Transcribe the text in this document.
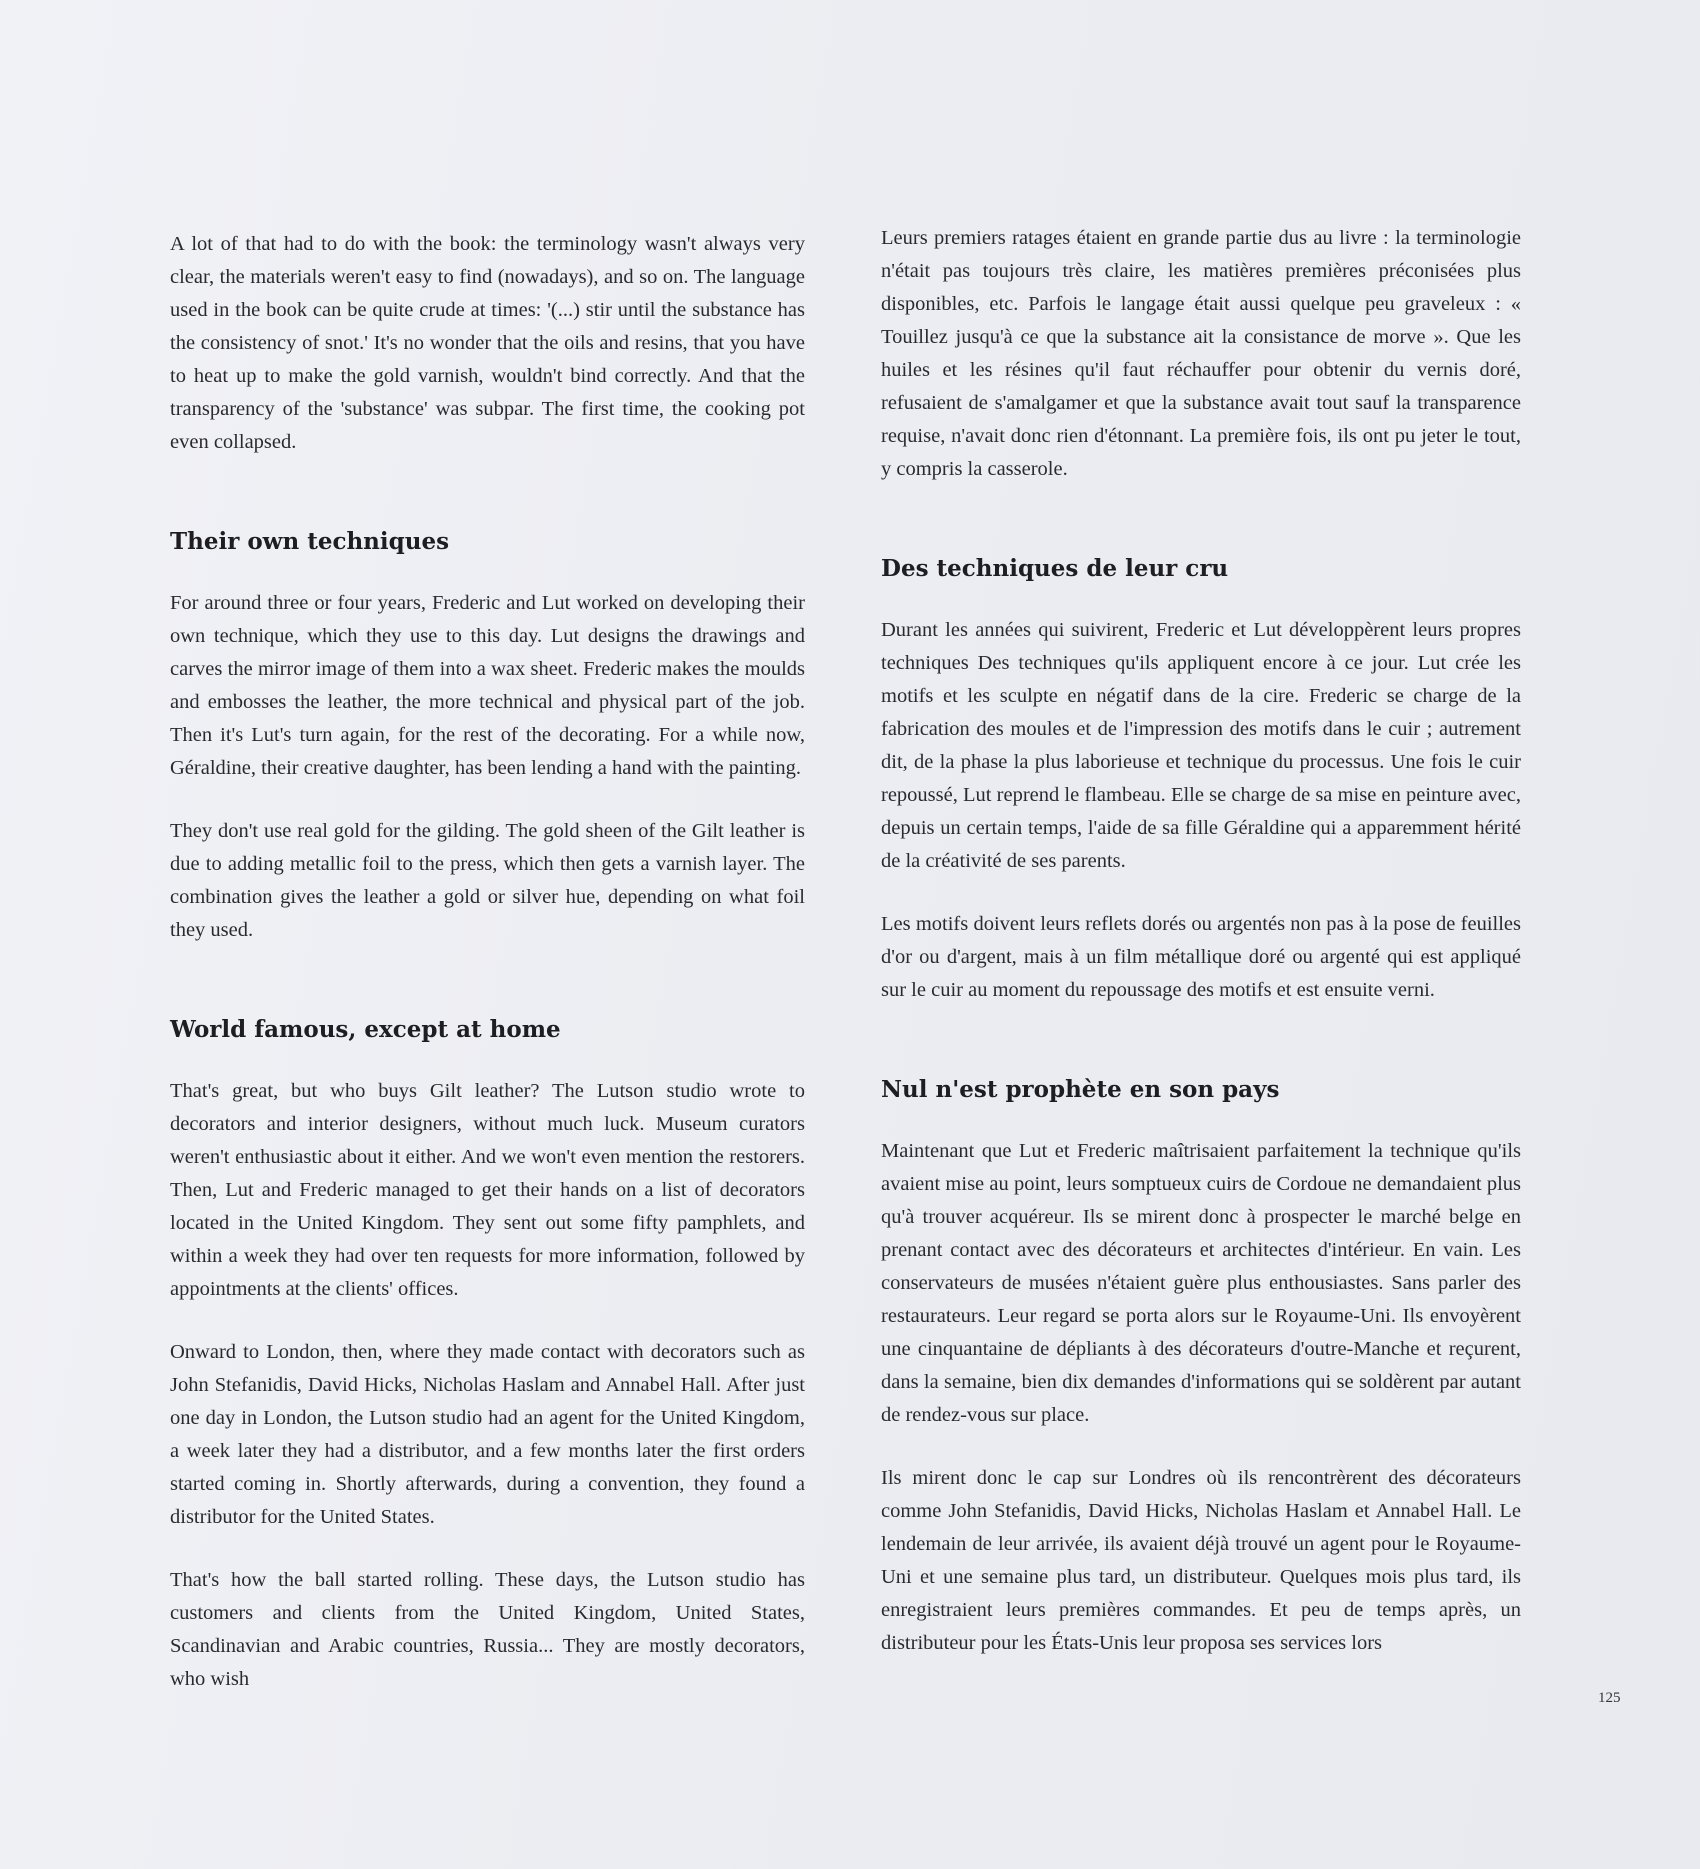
A lot of that had to do with the book: the terminology wasn't always very clear, the materials weren't easy to find (nowadays), and so on. The language used in the book can be quite crude at times: '(...) stir until the substance has the consistency of snot.' It's no wonder that the oils and resins, that you have to heat up to make the gold varnish, wouldn't bind correctly. And that the transparency of the 'substance' was subpar. The first time, the cooking pot even collapsed.

Their own techniques

For around three or four years, Frederic and Lut worked on developing their own technique, which they use to this day. Lut designs the drawings and carves the mirror image of them into a wax sheet. Frederic makes the moulds and embosses the leather, the more technical and physical part of the job. Then it's Lut's turn again, for the rest of the decorating. For a while now, Géraldine, their creative daughter, has been lending a hand with the painting.

They don't use real gold for the gilding. The gold sheen of the Gilt leather is due to adding metallic foil to the press, which then gets a varnish layer. The combination gives the leather a gold or silver hue, depending on what foil they used.

World famous, except at home

That's great, but who buys Gilt leather? The Lutson studio wrote to decorators and interior designers, without much luck. Museum curators weren't enthusiastic about it either. And we won't even mention the restorers. Then, Lut and Frederic managed to get their hands on a list of decorators located in the United Kingdom. They sent out some fifty pamphlets, and within a week they had over ten requests for more information, followed by appointments at the clients' offices.

Onward to London, then, where they made contact with decorators such as John Stefanidis, David Hicks, Nicholas Haslam and Annabel Hall. After just one day in London, the Lutson studio had an agent for the United Kingdom, a week later they had a distributor, and a few months later the first orders started coming in. Shortly afterwards, during a convention, they found a distributor for the United States.

That's how the ball started rolling. These days, the Lutson studio has customers and clients from the United Kingdom, United States, Scandinavian and Arabic countries, Russia... They are mostly decorators, who wish

Leurs premiers ratages étaient en grande partie dus au livre : la terminologie n'était pas toujours très claire, les matières premières préconisées plus disponibles, etc. Parfois le langage était aussi quelque peu graveleux : « Touillez jusqu'à ce que la substance ait la consistance de morve ». Que les huiles et les résines qu'il faut réchauffer pour obtenir du vernis doré, refusaient de s'amalgamer et que la substance avait tout sauf la transparence requise, n'avait donc rien d'étonnant. La première fois, ils ont pu jeter le tout, y compris la casserole.

Des techniques de leur cru

Durant les années qui suivirent, Frederic et Lut développèrent leurs propres techniques Des techniques qu'ils appliquent encore à ce jour. Lut crée les motifs et les sculpte en négatif dans de la cire. Frederic se charge de la fabrication des moules et de l'impression des motifs dans le cuir ; autrement dit, de la phase la plus laborieuse et technique du processus. Une fois le cuir repoussé, Lut reprend le flambeau. Elle se charge de sa mise en peinture avec, depuis un certain temps, l'aide de sa fille Géraldine qui a apparemment hérité de la créativité de ses parents.

Les motifs doivent leurs reflets dorés ou argentés non pas à la pose de feuilles d'or ou d'argent, mais à un film métallique doré ou argenté qui est appliqué sur le cuir au moment du repoussage des motifs et est ensuite verni.

Nul n'est prophète en son pays

Maintenant que Lut et Frederic maîtrisaient parfaitement la technique qu'ils avaient mise au point, leurs somptueux cuirs de Cordoue ne demandaient plus qu'à trouver acquéreur. Ils se mirent donc à prospecter le marché belge en prenant contact avec des décorateurs et architectes d'intérieur. En vain. Les conservateurs de musées n'étaient guère plus enthousiastes. Sans parler des restaurateurs. Leur regard se porta alors sur le Royaume-Uni. Ils envoyèrent une cinquantaine de dépliants à des décorateurs d'outre-Manche et reçurent, dans la semaine, bien dix demandes d'informations qui se soldèrent par autant de rendez-vous sur place.

Ils mirent donc le cap sur Londres où ils rencontrèrent des décorateurs comme John Stefanidis, David Hicks, Nicholas Haslam et Annabel Hall. Le lendemain de leur arrivée, ils avaient déjà trouvé un agent pour le Royaume-Uni et une semaine plus tard, un distributeur. Quelques mois plus tard, ils enregistraient leurs premières commandes. Et peu de temps après, un distributeur pour les États-Unis leur proposa ses services lors

125
